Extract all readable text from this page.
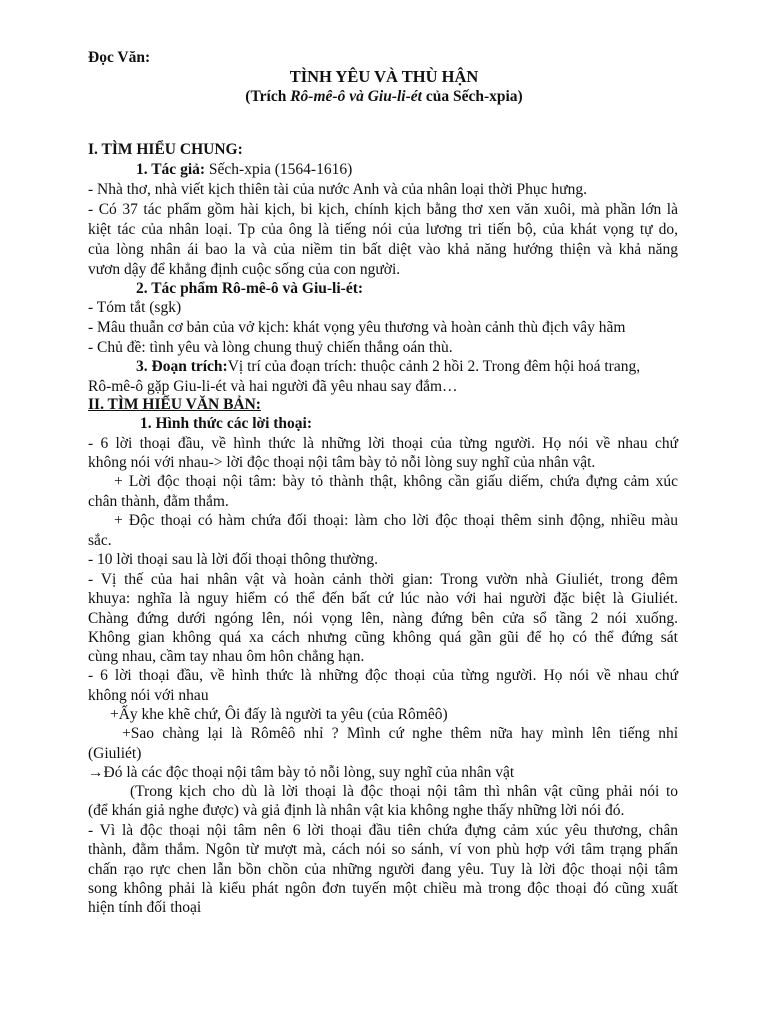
Đọc Văn:
TÌNH YÊU VÀ THÙ HẬN
(Trích Rô-mê-ô và Giu-li-ét của Sếch-xpia)
I. TÌM HIỂU CHUNG:
1. Tác giả: Sếch-xpia (1564-1616)
- Nhà thơ, nhà viết kịch thiên tài của nước Anh và của nhân loại thời Phục hưng.
- Có 37 tác phẩm gồm hài kịch, bi kịch, chính kịch bằng thơ xen văn xuôi, mà phần lớn là
kiệt tác của nhân loại. Tp của ông là tiếng nói của lương tri tiến bộ, của khát vọng tự do,
của lòng nhân ái bao la và của niềm tin bất diệt vào khả năng hướng thiện và khả năng
vươn dậy để khẳng định cuộc sống của con người.
2. Tác phẩm Rô-mê-ô và Giu-li-ét:
- Tóm tắt (sgk)
- Mâu thuẫn cơ bản của vở kịch: khát vọng yêu thương và hoàn cảnh thù địch vây hãm
- Chủ đề: tình yêu và lòng chung thuỷ chiến thắng oán thù.
3. Đoạn trích:Vị trí của đoạn trích: thuộc cảnh 2 hồi 2. Trong đêm hội hoá trang,
Rô-mê-ô gặp Giu-li-ét và hai người đã yêu nhau say đắm…
II. TÌM HIỂU VĂN BẢN:
1. Hình thức các lời thoại:
- 6 lời thoại đầu, về hình thức là những lời thoại của từng người. Họ nói về nhau chứ
không nói với nhau-> lời độc thoại nội tâm bày tỏ nỗi lòng suy nghĩ của nhân vật.
+ Lời độc thoại nội tâm: bày tỏ thành thật, không cần giấu diếm, chứa đựng cảm xúc
chân thành, đằm thắm.
+ Độc thoại có hàm chứa đối thoại: làm cho lời độc thoại thêm sinh động, nhiều màu
sắc.
- 10 lời thoại sau là lời đối thoại thông thường.
- Vị thế của hai nhân vật và hoàn cảnh thời gian: Trong vườn nhà Giuliét, trong đêm
khuya: nghĩa là nguy hiểm có thể đến bất cứ lúc nào với hai người đặc biệt là Giuliét.
Chàng đứng dưới ngóng lên, nói vọng lên, nàng đứng bên cửa sổ tầng 2 nói xuống.
Không gian không quá xa cách nhưng cũng không quá gần gũi để họ có thể đứng sát
cùng nhau, cầm tay nhau ôm hôn chẳng hạn.
- 6 lời thoại đầu, về hình thức là những độc thoại của từng người. Họ nói về nhau chứ
không nói với nhau
+Ấy khe khẽ chứ, Ôi đấy là người ta yêu (của Rômêô)
+Sao chàng lại là Rômêô nhỉ ? Mình cứ nghe thêm nữa hay mình lên tiếng nhỉ
(Giuliét)
→Đó là các độc thoại nội tâm bày tỏ nỗi lòng, suy nghĩ của nhân vật
(Trong kịch cho dù là lời thoại là độc thoại nội tâm thì nhân vật cũng phải nói to
(để khán giả nghe được) và giả định là nhân vật kia không nghe thấy những lời nói đó.
- Vì là độc thoại nội tâm nên 6 lời thoại đầu tiên chứa đựng cảm xúc yêu thương, chân
thành, đằm thắm. Ngôn từ mượt mà, cách nói so sánh, ví von phù hợp với tâm trạng phấn
chấn rạo rực chen lẫn bồn chồn của những người đang yêu. Tuy là lời độc thoại nội tâm
song không phải là kiểu phát ngôn đơn tuyến một chiều mà trong độc thoại đó cũng xuất
hiện tính đối thoại
